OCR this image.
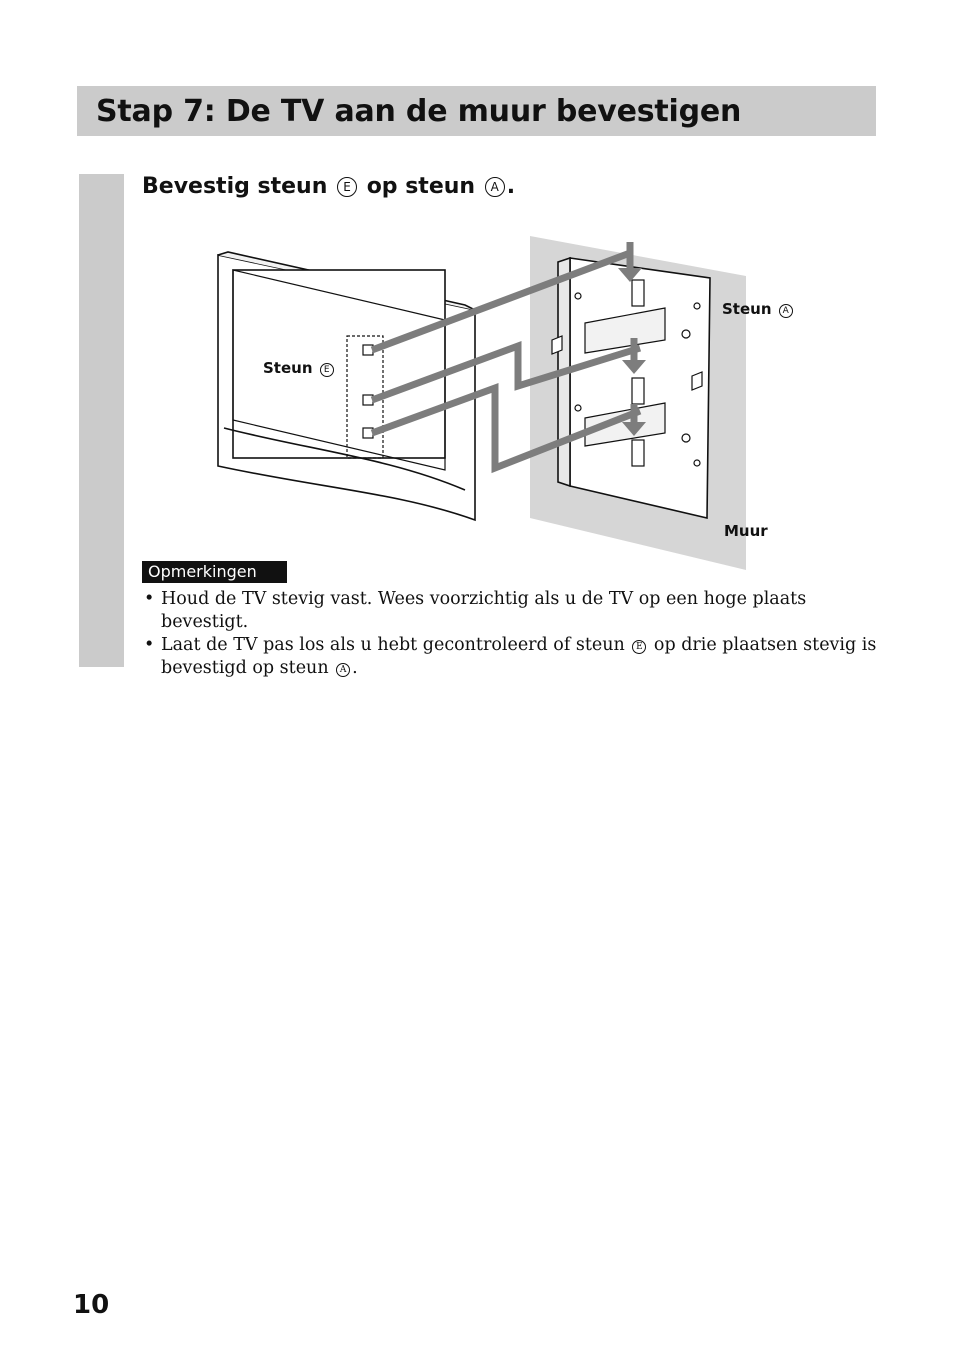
Stap 7: De TV aan de muur bevestigen
Bevestig steun E op steun A .
Steun E
Steun A
Muur
Opmerkingen
• Houd de TV stevig vast. Wees voorzichtig als u de TV op een hoge plaats bevestigt.
• Laat de TV pas los als u hebt gecontroleerd of steun E op drie plaatsen stevig is bevestigd op steun A .
10
